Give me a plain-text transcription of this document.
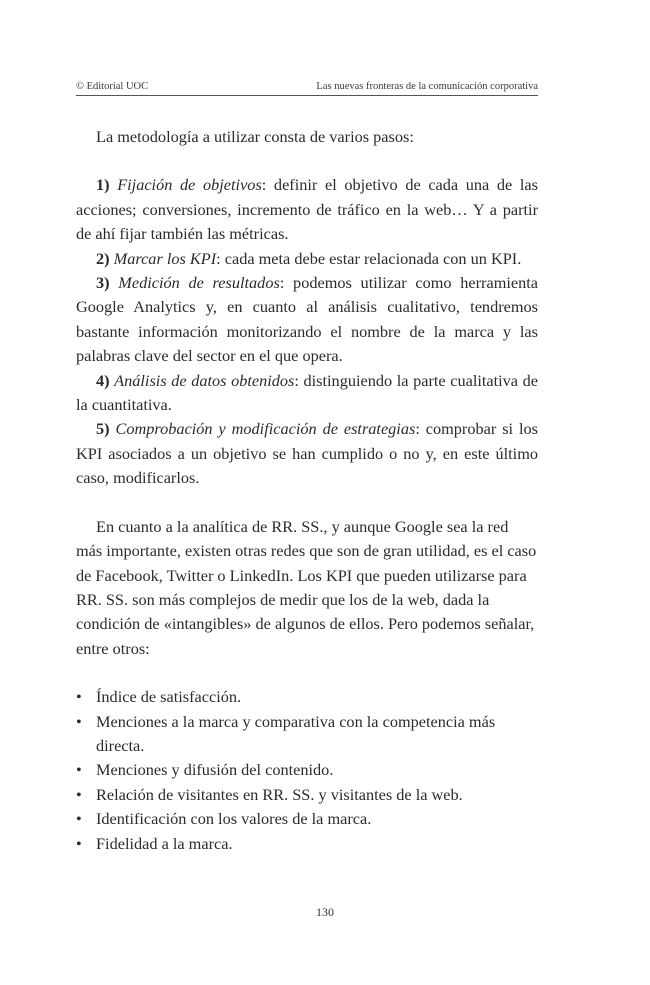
© Editorial UOC	Las nuevas fronteras de la comunicación corporativa

La metodología a utilizar consta de varios pasos:

1) Fijación de objetivos: definir el objetivo de cada una de las acciones; conversiones, incremento de tráfico en la web… Y a partir de ahí fijar también las métricas.

2) Marcar los KPI: cada meta debe estar relacionada con un KPI.

3) Medición de resultados: podemos utilizar como herramienta Google Analytics y, en cuanto al análisis cualitativo, tendremos bastante información monitorizando el nombre de la marca y las palabras clave del sector en el que opera.

4) Análisis de datos obtenidos: distinguiendo la parte cualitativa de la cuantitativa.

5) Comprobación y modificación de estrategias: comprobar si los KPI asociados a un objetivo se han cumplido o no y, en este último caso, modificarlos.

En cuanto a la analítica de RR. SS., y aunque Google sea la red más importante, existen otras redes que son de gran utilidad, es el caso de Facebook, Twitter o LinkedIn. Los KPI que pueden utilizarse para RR. SS. son más complejos de medir que los de la web, dada la condición de «intangibles» de algunos de ellos. Pero podemos señalar, entre otros:

• Índice de satisfacción.
• Menciones a la marca y comparativa con la competencia más directa.
• Menciones y difusión del contenido.
• Relación de visitantes en RR. SS. y visitantes de la web.
• Identificación con los valores de la marca.
• Fidelidad a la marca.
130
